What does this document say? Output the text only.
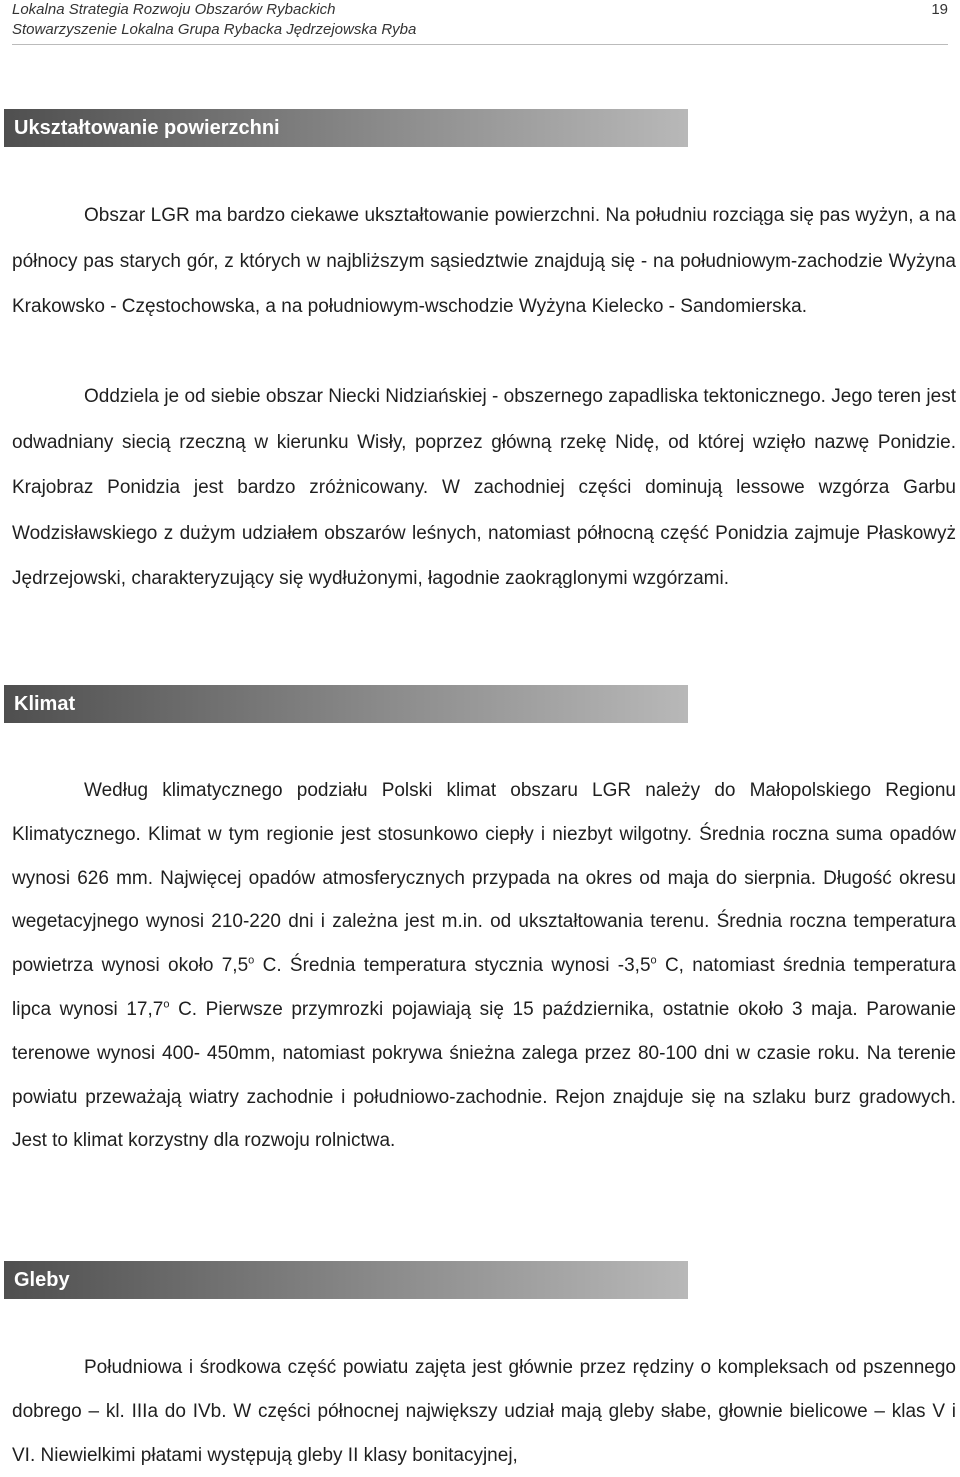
Lokalna Strategia Rozwoju Obszarów Rybackich
Stowarzyszenie Lokalna Grupa Rybacka Jędrzejowska Ryba
19
Ukształtowanie powierzchni

Obszar LGR ma bardzo ciekawe ukształtowanie powierzchni. Na południu rozciąga się pas wyżyn, a na północy pas starych gór, z których w najbliższym sąsiedztwie znajdują się - na południowym-zachodzie Wyżyna Krakowsko - Częstochowska, a na południowym-wschodzie Wyżyna Kielecko - Sandomierska.

Oddziela je od siebie obszar Niecki Nidziańskiej - obszernego zapadliska tektonicznego. Jego teren jest odwadniany siecią rzeczną w kierunku Wisły, poprzez główną rzekę Nidę, od której wzięło nazwę Ponidzie. Krajobraz Ponidzia jest bardzo zróżnicowany. W zachodniej części dominują lessowe wzgórza Garbu Wodzisławskiego z dużym udziałem obszarów leśnych, natomiast północną część Ponidzia zajmuje Płaskowyż Jędrzejowski, charakteryzujący się wydłużonymi, łagodnie zaokrąglonymi wzgórzami.

Klimat

Według klimatycznego podziału Polski klimat obszaru LGR należy do Małopolskiego Regionu Klimatycznego. Klimat w tym regionie jest stosunkowo ciepły i niezbyt wilgotny. Średnia roczna suma opadów wynosi 626 mm. Najwięcej opadów atmosferycznych przypada na okres od maja do sierpnia. Długość okresu wegetacyjnego wynosi 210-220 dni i zależna jest m.in. od ukształtowania terenu. Średnia roczna temperatura powietrza wynosi około 7,5$^o$ C. Średnia temperatura stycznia wynosi -3,5$^o$ C, natomiast średnia temperatura lipca wynosi 17,7$^o$ C. Pierwsze przymrozki pojawiają się 15 października, ostatnie około 3 maja. Parowanie terenowe wynosi 400- 450mm, natomiast pokrywa śnieżna zalega przez 80-100 dni w czasie roku. Na terenie powiatu przeważają wiatry zachodnie i południowo-zachodnie. Rejon znajduje się na szlaku burz gradowych. Jest to klimat korzystny dla rozwoju rolnictwa.

Gleby

Południowa i środkowa część powiatu zajęta jest głównie przez rędziny o kompleksach od pszennego dobrego – kl. IIIa do IVb. W części północnej największy udział mają gleby słabe, głownie bielicowe – klas V i VI. Niewielkimi płatami występują gleby II klasy bonitacyjnej,
